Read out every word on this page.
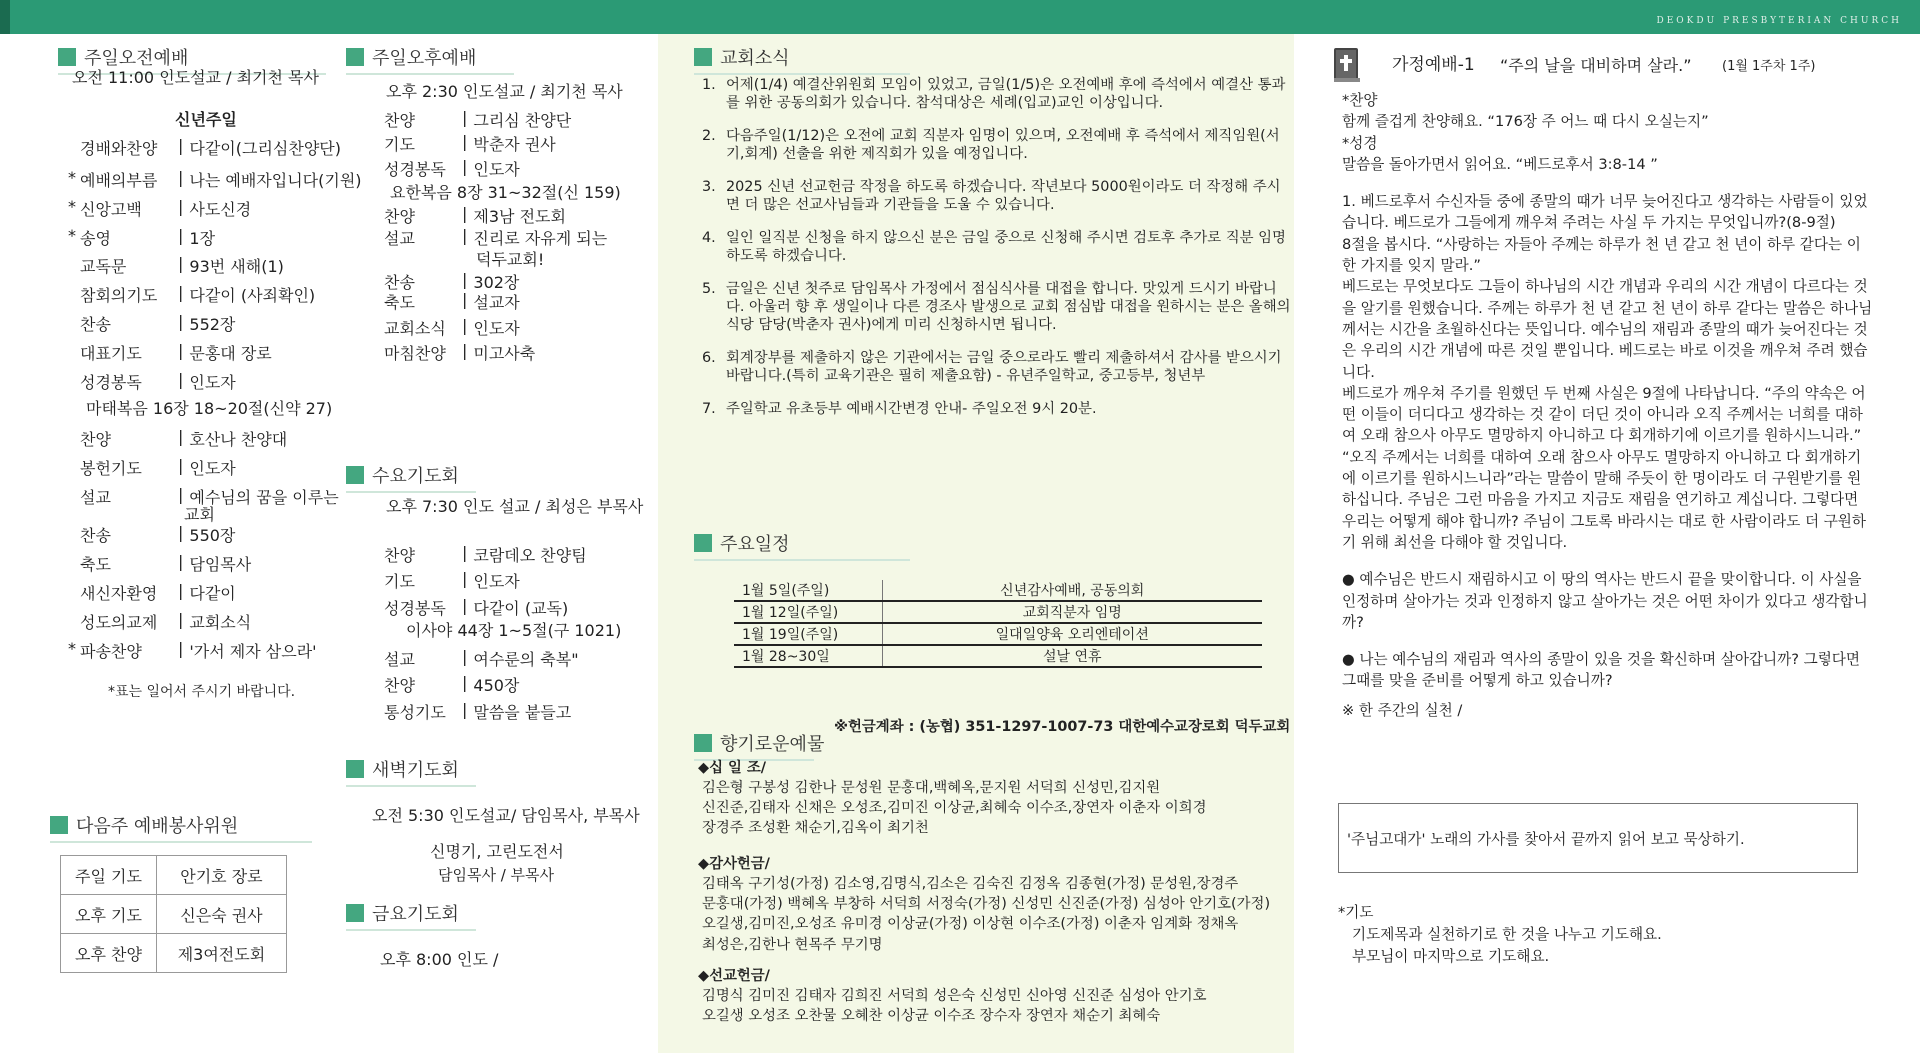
DEOKDU PRESBYTERIAN CHURCH
주일오전예배
오전 11:00 인도설교 / 최기천 목사
신년주일
경배와찬양	| 다같이(그리심찬양단)
* 예배의부름	| 나는 예배자입니다(기원)
* 신앙고백	| 사도신경
* 송영	| 1장
교독문	| 93번 새해(1)
참회의기도	| 다같이 (사죄확인)
찬송	| 552장
대표기도	| 문홍대 장로
성경봉독	| 인도자
마태복음 16장 18~20절(신약 27)
찬양	| 호산나 찬양대
봉헌기도	| 인도자
설교	| 예수님의 꿈을 이루는
교회
찬송	| 550장
축도	| 담임목사
새신자환영	| 다같이
성도의교제	| 교회소식
* 파송찬양	| '가서 제자 삼으라'
*표는 일어서 주시기 바랍니다.
다음주 예배봉사위원
주일 기도	안기호 장로
오후 기도	신은숙 권사
오후 찬양	제3여전도회
주일오후예배
오후 2:30 인도설교 / 최기천 목사
찬양	| 그리심 찬양단
기도	| 박춘자 권사
성경봉독	| 인도자
요한복음 8장 31~32절(신 159)
찬양	| 제3남 전도회
설교	| 진리로 자유게 되는
덕두교회!
찬송	| 302장
축도	| 설교자
교회소식	| 인도자
마침찬양	| 미고사축
수요기도회
오후 7:30 인도 설교 / 최성은 부목사
찬양	| 코람데오 찬양팀
기도	| 인도자
성경봉독	| 다같이 (교독)
이사야 44장 1~5절(구 1021)
설교	| 여수룬의 축복"
찬양	| 450장
통성기도	| 말씀을 붙들고
새벽기도회
오전 5:30 인도설교/ 담임목사, 부목사
신명기, 고린도전서
담임목사 / 부목사
금요기도회
오후 8:00 인도 /
교회소식
1. 어제(1/4) 예결산위원회 모임이 있었고, 금일(1/5)은 오전예배 후에 즉석에서 예결산 통과를 위한 공동의회가 있습니다. 참석대상은 세례(입교)교인 이상입니다.
2. 다음주일(1/12)은 오전에 교회 직분자 임명이 있으며, 오전예배 후 즉석에서 제직임원(서기,회계) 선출을 위한 제직회가 있을 예정입니다.
3. 2025 신년 선교헌금 작정을 하도록 하겠습니다. 작년보다 5000원이라도 더 작정해 주시면 더 많은 선교사님들과 기관들을 도울 수 있습니다.
4. 일인 일직분 신청을 하지 않으신 분은 금일 중으로 신청해 주시면 검토후 추가로 직분 임명하도록 하겠습니다.
5. 금일은 신년 첫주로 담임목사 가정에서 점심식사를 대접을 합니다. 맛있게 드시기 바랍니다. 아울러 향 후 생일이나 다른 경조사 발생으로 교회 점심밥 대접을 원하시는 분은 올해의 식당 담당(박춘자 권사)에게 미리 신청하시면 됩니다.
6. 회계장부를 제출하지 않은 기관에서는 금일 중으로라도 빨리 제출하셔서 감사를 받으시기 바랍니다.(특히 교육기관은 필히 제출요함) - 유년주일학교, 중고등부, 청년부
7. 주일학교 유초등부 예배시간변경 안내- 주일오전 9시 20분.
주요일정
1월 5일(주일)	신년감사예배, 공동의회
1월 12일(주일)	교회직분자 임명
1월 19일(주일)	일대일양육 오리엔테이션
1월 28~30일	설날 연휴
※헌금계좌 : (농협) 351-1297-1007-73 대한예수교장로회 덕두교회
향기로운예물
◆십 일 조/
김은형 구봉성 김한나 문성원 문홍대,백혜옥,문지원 서덕희 신성민,김지원
신진준,김태자 신채은 오성조,김미진 이상균,최혜숙 이수조,장연자 이춘자 이희경
장경주 조성환 채순기,김옥이 최기천
◆감사헌금/
김태옥 구기성(가정) 김소영,김명식,김소은 김숙진 김정옥 김종현(가정) 문성원,장경주
문홍대(가정) 백혜옥 부창하 서덕희 서정숙(가정) 신성민 신진준(가정) 심성아 안기호(가정)
오길생,김미진,오성조 유미경 이상균(가정) 이상현 이수조(가정) 이춘자 임계화 정채옥
최성은,김한나 현목주 무기명
◆선교헌금/
김명식 김미진 김태자 김희진 서덕희 성은숙 신성민 신아영 신진준 심성아 안기호
오길생 오성조 오찬물 오혜찬 이상균 이수조 장수자 장연자 채순기 최혜숙
가정예배-1 “주의 날을 대비하며 살라.” (1월 1주차 1주)

*찬양

함께 즐겁게 찬양해요. “176장 주 어느 때 다시 오실는지”

*성경

말씀을 돌아가면서 읽어요. “베드로후서 3:8-14 ”

1. 베드로후서 수신자들 중에 종말의 때가 너무 늦어진다고 생각하는 사람들이 있었습니다. 베드로가 그들에게 깨우쳐 주려는 사실 두 가지는 무엇입니까?(8-9절)

8절을 봅시다. “사랑하는 자들아 주께는 하루가 천 년 같고 천 년이 하루 같다는 이 한 가지를 잊지 말라.”

베드로는 무엇보다도 그들이 하나님의 시간 개념과 우리의 시간 개념이 다르다는 것을 알기를 원했습니다. 주께는 하루가 천 년 같고 천 년이 하루 같다는 말씀은 하나님께서는 시간을 초월하신다는 뜻입니다. 예수님의 재림과 종말의 때가 늦어진다는 것은 우리의 시간 개념에 따른 것일 뿐입니다. 베드로는 바로 이것을 깨우쳐 주려 했습니다.

베드로가 깨우쳐 주기를 원했던 두 번째 사실은 9절에 나타납니다. “주의 약속은 어떤 이들이 더디다고 생각하는 것 같이 더딘 것이 아니라 오직 주께서는 너희를 대하여 오래 참으사 아무도 멸망하지 아니하고 다 회개하기에 이르기를 원하시느니라.”

“오직 주께서는 너희를 대하여 오래 참으사 아무도 멸망하지 아니하고 다 회개하기에 이르기를 원하시느니라”라는 말씀이 말해 주듯이 한 명이라도 더 구원받기를 원하십니다. 주님은 그런 마음을 가지고 지금도 재림을 연기하고 계십니다. 그렇다면 우리는 어떻게 해야 합니까? 주님이 그토록 바라시는 대로 한 사람이라도 더 구원하기 위해 최선을 다해야 할 것입니다.

● 예수님은 반드시 재림하시고 이 땅의 역사는 반드시 끝을 맞이합니다. 이 사실을 인정하며 살아가는 것과 인정하지 않고 살아가는 것은 어떤 차이가 있다고 생각합니까?

● 나는 예수님의 재림과 역사의 종말이 있을 것을 확신하며 살아갑니까? 그렇다면 그때를 맞을 준비를 어떻게 하고 있습니까?

※ 한 주간의 실천 /

'주님고대가' 노래의 가사를 찾아서 끝까지 읽어 보고 묵상하기.
*기도
기도제목과 실천하기로 한 것을 나누고 기도해요.
부모님이 마지막으로 기도해요.
